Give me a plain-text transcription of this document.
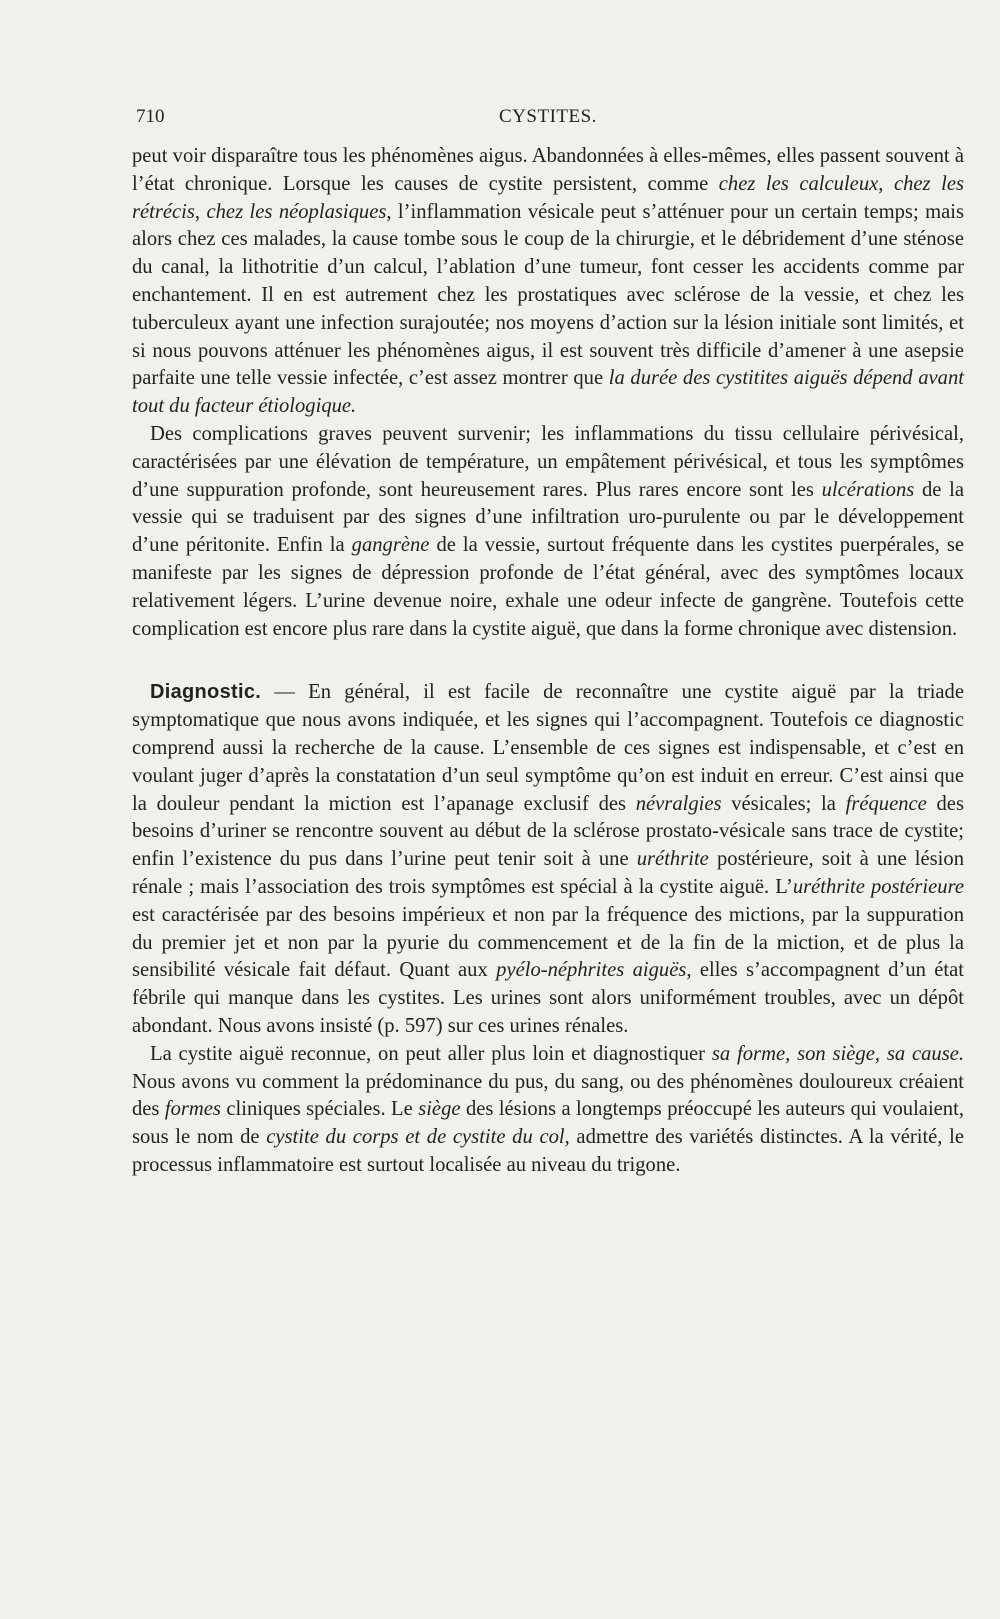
710	CYSTITES.

peut voir disparaître tous les phénomènes aigus. Abandonnées à elles-mêmes, elles passent souvent à l’état chronique. Lorsque les causes de cystite persistent, comme chez les calculeux, chez les rétrécis, chez les néoplasiques, l’inflammation vésicale peut s’atténuer pour un certain temps; mais alors chez ces malades, la cause tombe sous le coup de la chirurgie, et le débridement d’une sténose du canal, la lithotritie d’un calcul, l’ablation d’une tumeur, font cesser les accidents comme par enchantement. Il en est autrement chez les prostatiques avec sclérose de la vessie, et chez les tuberculeux ayant une infection surajoutée; nos moyens d’action sur la lésion initiale sont limités, et si nous pouvons atténuer les phénomènes aigus, il est souvent très difficile d’amener à une asepsie parfaite une telle vessie infectée, c’est assez montrer que la durée des cystitites aiguës dépend avant tout du facteur étiologique.

Des complications graves peuvent survenir; les inflammations du tissu cellulaire périvésical, caractérisées par une élévation de température, un empâtement périvésical, et tous les symptômes d’une suppuration profonde, sont heureusement rares. Plus rares encore sont les ulcérations de la vessie qui se traduisent par des signes d’une infiltration uro-purulente ou par le développement d’une péritonite. Enfin la gangrène de la vessie, surtout fréquente dans les cystites puerpérales, se manifeste par les signes de dépression profonde de l’état général, avec des symptômes locaux relativement légers. L’urine devenue noire, exhale une odeur infecte de gangrène. Toutefois cette complication est encore plus rare dans la cystite aiguë, que dans la forme chronique avec distension.

Diagnostic. — En général, il est facile de reconnaître une cystite aiguë par la triade symptomatique que nous avons indiquée, et les signes qui l’accompagnent. Toutefois ce diagnostic comprend aussi la recherche de la cause. L’ensemble de ces signes est indispensable, et c’est en voulant juger d’après la constatation d’un seul symptôme qu’on est induit en erreur. C’est ainsi que la douleur pendant la miction est l’apanage exclusif des névralgies vésicales; la fréquence des besoins d’uriner se rencontre souvent au début de la sclérose prostato-vésicale sans trace de cystite; enfin l’existence du pus dans l’urine peut tenir soit à une uréthrite postérieure, soit à une lésion rénale ; mais l’association des trois symptômes est spécial à la cystite aiguë. L’uréthrite postérieure est caractérisée par des besoins impérieux et non par la fréquence des mictions, par la suppuration du premier jet et non par la pyurie du commencement et de la fin de la miction, et de plus la sensibilité vésicale fait défaut. Quant aux pyélo-néphrites aiguës, elles s’accompagnent d’un état fébrile qui manque dans les cystites. Les urines sont alors uniformément troubles, avec un dépôt abondant. Nous avons insisté (p. 597) sur ces urines rénales.

La cystite aiguë reconnue, on peut aller plus loin et diagnostiquer sa forme, son siège, sa cause. Nous avons vu comment la prédominance du pus, du sang, ou des phénomènes douloureux créaient des formes cliniques spéciales. Le siège des lésions a longtemps préoccupé les auteurs qui voulaient, sous le nom de cystite du corps et de cystite du col, admettre des variétés distinctes. A la vérité, le processus inflammatoire est surtout localisée au niveau du trigone.
